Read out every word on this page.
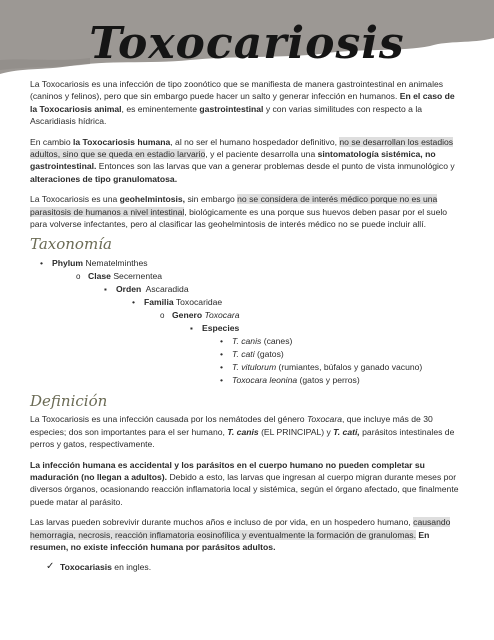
Toxocariosis

La Toxocariosis es una infección de tipo zoonótico que se manifiesta de manera gastrointestinal en animales (caninos y felinos), pero que sin embargo puede hacer un salto y generar infección en humanos. En el caso de la Toxocariosis animal, es eminentemente gastrointestinal y con varias similitudes con respecto a la Ascaridiasis hídrica.

En cambio la Toxocariosis humana, al no ser el humano hospedador definitivo, no se desarrollan los estadios adultos, sino que se queda en estadio larvario, y el paciente desarrolla una sintomatología sistémica, no gastrointestinal. Entonces son las larvas que van a generar problemas desde el punto de vista inmunológico y alteraciones de tipo granulomatosa.

La Toxocariosis es una geohelmintosis, sin embargo no se considera de interés médico porque no es una parasitosis de humanos a nivel intestinal, biológicamente es una porque sus huevos deben pasar por el suelo para volverse infectantes, pero al clasificar las geohelmintosis de interés médico no se puede incluir allí.

Taxonomía
• Phylum Nematelminthes
o Clase Secernentea
▪ Orden Ascaradida
• Familia Toxocaridae
o Genero Toxocara
▪ Especies
• T. canis (canes)
• T. cati (gatos)
• T. vitulorum (rumiantes, búfalos y ganado vacuno)
• Toxocara leonina (gatos y perros)
Definición

La Toxocariosis es una infección causada por los nemátodes del género Toxocara, que incluye más de 30 especies; dos son importantes para el ser humano, T. canis (EL PRINCIPAL) y T. cati, parásitos intestinales de perros y gatos, respectivamente.

La infección humana es accidental y los parásitos en el cuerpo humano no pueden completar su maduración (no llegan a adultos). Debido a esto, las larvas que ingresan al cuerpo migran durante meses por diversos órganos, ocasionando reacción inflamatoria local y sistémica, según el órgano afectado, que finalmente puede matar al parásito.

Las larvas pueden sobrevivir durante muchos años e incluso de por vida, en un hospedero humano, causando hemorragia, necrosis, reacción inflamatoria eosinofílica y eventualmente la formación de granulomas. En resumen, no existe infección humana por parásitos adultos.

✓ Toxocariasis en ingles.
